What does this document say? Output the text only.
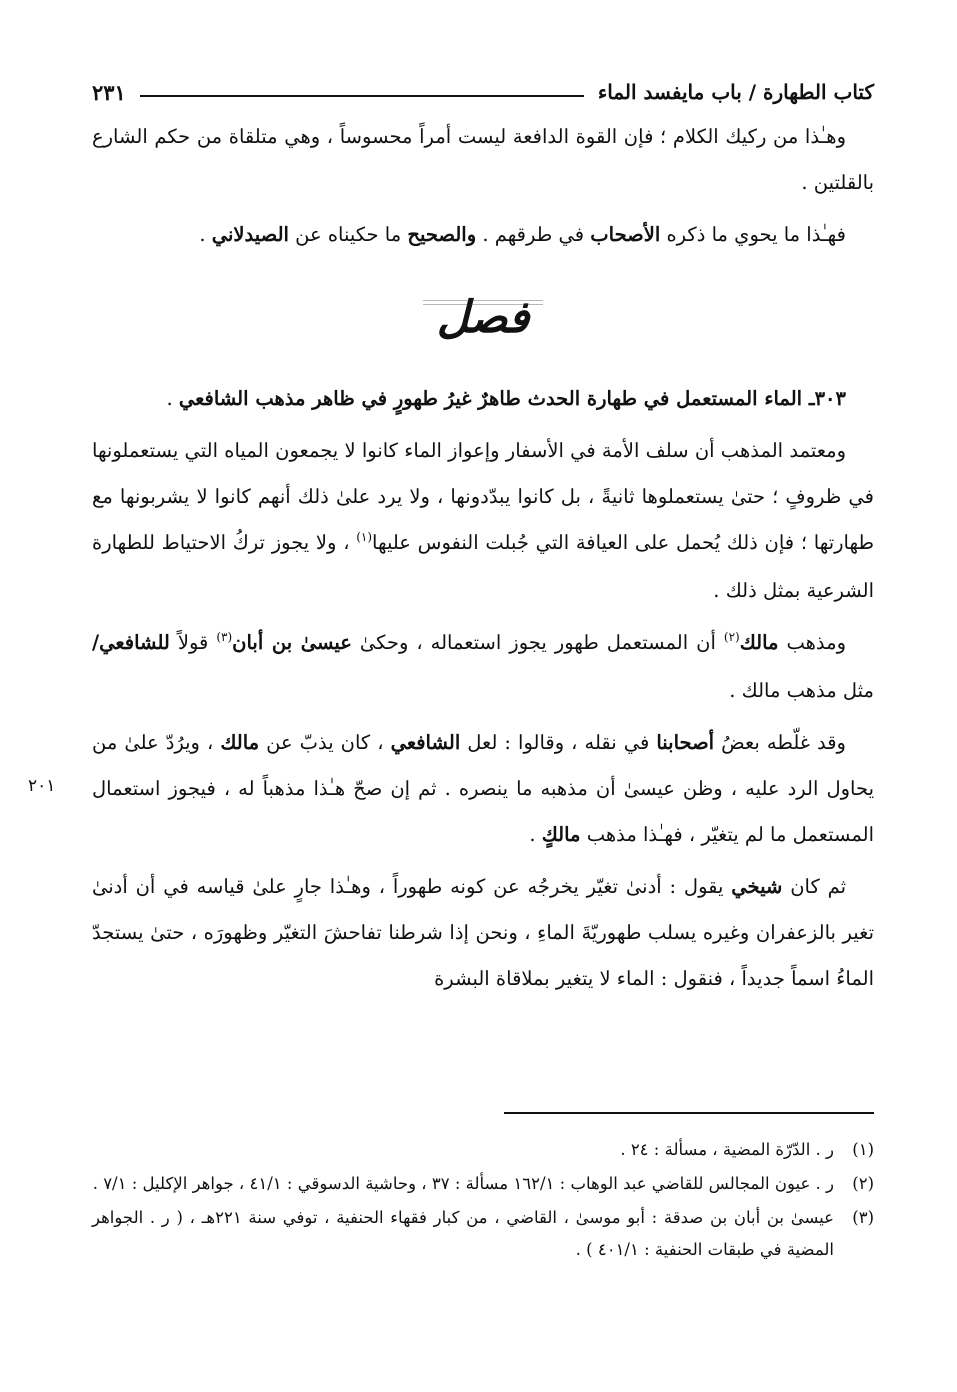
كتاب الطهارة / باب مايفسد الماء
٢٣١

وهـٰذا من ركيك الكلام ؛ فإن القوة الدافعة ليست أمراً محسوساً ، وهي متلقاة من حكم الشارع بالقلتين .

فهـٰذا ما يحوي ما ذكره الأصحاب في طرقهم . والصحيح ما حكيناه عن الصيدلاني .

فصل

٣٠٣ـ الماء المستعمل في طهارة الحدث طاهرٌ غيرُ طهورٍ في ظاهر مذهب الشافعي .

ومعتمد المذهب أن سلف الأمة في الأسفار وإعواز الماء كانوا لا يجمعون المياه التي يستعملونها في ظروفٍ ؛ حتىٰ يستعملوها ثانيةً ، بل كانوا يبدّدونها ، ولا يرد علىٰ ذلك أنهم كانوا لا يشربونها مع طهارتها ؛ فإن ذلك يُحمل على العيافة التي جُبلت النفوس عليها$^{(١)}$ ، ولا يجوز تركُ الاحتياط للطهارة الشرعية بمثل ذلك .

ومذهب مالك$^{(٢)}$ أن المستعمل طهور يجوز استعماله ، وحكىٰ عيسىٰ بن أبان$^{(٣)}$ قولاً للشافعي/ مثل مذهب مالك .

وقد غلّطه بعضُ أصحابنا في نقله ، وقالوا : لعل الشافعي ، كان يذبّ عن مالك ، ويرُدّ علىٰ من يحاول الرد عليه ، وظن عيسىٰ أن مذهبه ما ينصره . ثم إن صحّ هـٰذا مذهباً له ، فيجوز استعمال المستعمل ما لم يتغيّر ، فهـٰذا مذهب مالكٍ .

ثم كان شيخي يقول : أدنىٰ تغيّر يخرجُه عن كونه طهوراً ، وهـٰذا جارٍ علىٰ قياسه في أن أدنىٰ تغير بالزعفران وغيره يسلب طهوريّةَ الماءِ ، ونحن إذا شرطنا تفاحشَ التغيّر وظهورَه ، حتىٰ يستجدّ الماءُ اسماً جديداً ، فنقول : الماء لا يتغير بملاقاة البشرة

٢٠١
(١)
ر . الدّرّة المضية ، مسألة : ٢٤ .
(٢)
ر . عيون المجالس للقاضي عبد الوهاب : ١٦٢/١ مسألة : ٣٧ ، وحاشية الدسوقي : ٤١/١ ، جواهر الإكليل : ٧/١ .
(٣)
عيسىٰ بن أبان بن صدقة : أبو موسىٰ ، القاضي ، من كبار فقهاء الحنفية ، توفي سنة ٢٢١هـ ، ( ر . الجواهر المضية في طبقات الحنفية : ٤٠١/١ ) .
